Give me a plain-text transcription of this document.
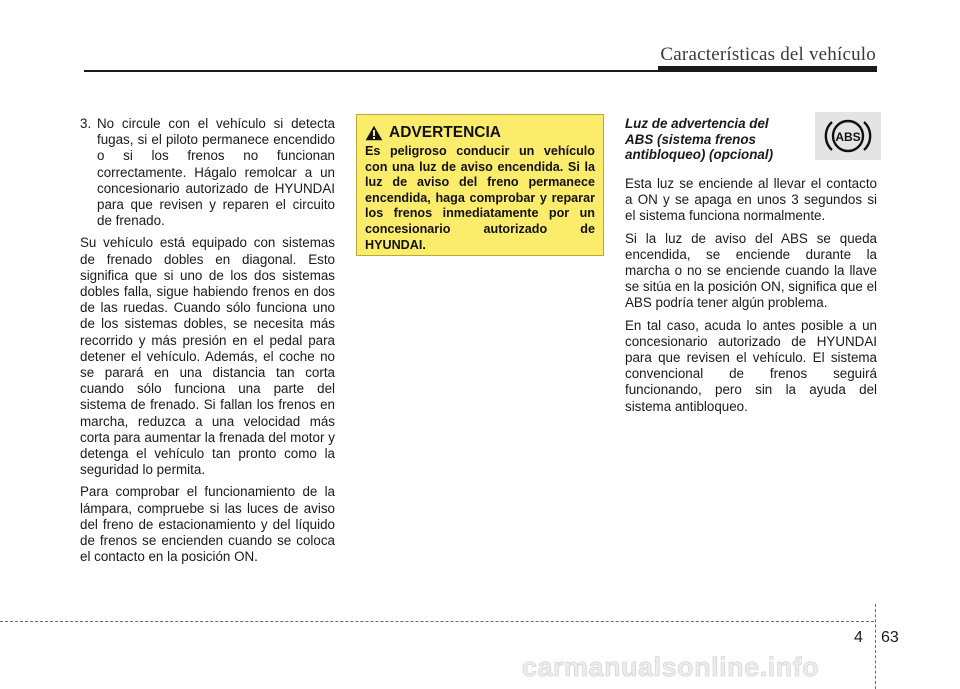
Características del vehículo

3. No circule con el vehículo si detecta fugas, si el piloto permanece encendido o si los frenos no funcionan correctamente. Hágalo remolcar a un concesionario autorizado de HYUNDAI para que revisen y reparen el circuito de frenado.

Su vehículo está equipado con sistemas de frenado dobles en diagonal. Esto significa que si uno de los dos sistemas dobles falla, sigue habiendo frenos en dos de las ruedas. Cuando sólo funciona uno de los sistemas dobles, se necesita más recorrido y más presión en el pedal para detener el vehículo. Además, el coche no se parará en una distancia tan corta cuando sólo funciona una parte del sistema de frenado. Si fallan los frenos en marcha, reduzca a una velocidad más corta para aumentar la frenada del motor y detenga el vehículo tan pronto como la seguridad lo permita.

Para comprobar el funcionamiento de la lámpara, compruebe si las luces de aviso del freno de estacionamiento y del líquido de frenos se encienden cuando se coloca el contacto en la posición ON.

ADVERTENCIA
Es peligroso conducir un vehículo con una luz de aviso encendida. Si la luz de aviso del freno permanece encendida, haga comprobar y reparar los frenos inmediatamente por un concesionario autorizado de HYUNDAI.
Luz de advertencia del ABS (sistema frenos antibloqueo) (opcional)
ABS

Esta luz se enciende al llevar el contacto a ON y se apaga en unos 3 segundos si el sistema funciona normalmente.

Si la luz de aviso del ABS se queda encendida, se enciende durante la marcha o no se enciende cuando la llave se sitúa en la posición ON, significa que el ABS podría tener algún problema.

En tal caso, acuda lo antes posible a un concesionario autorizado de HYUNDAI para que revisen el vehículo. El sistema convencional de frenos seguirá funcionando, pero sin la ayuda del sistema antibloqueo.

4 63
carmanualsonline.info
